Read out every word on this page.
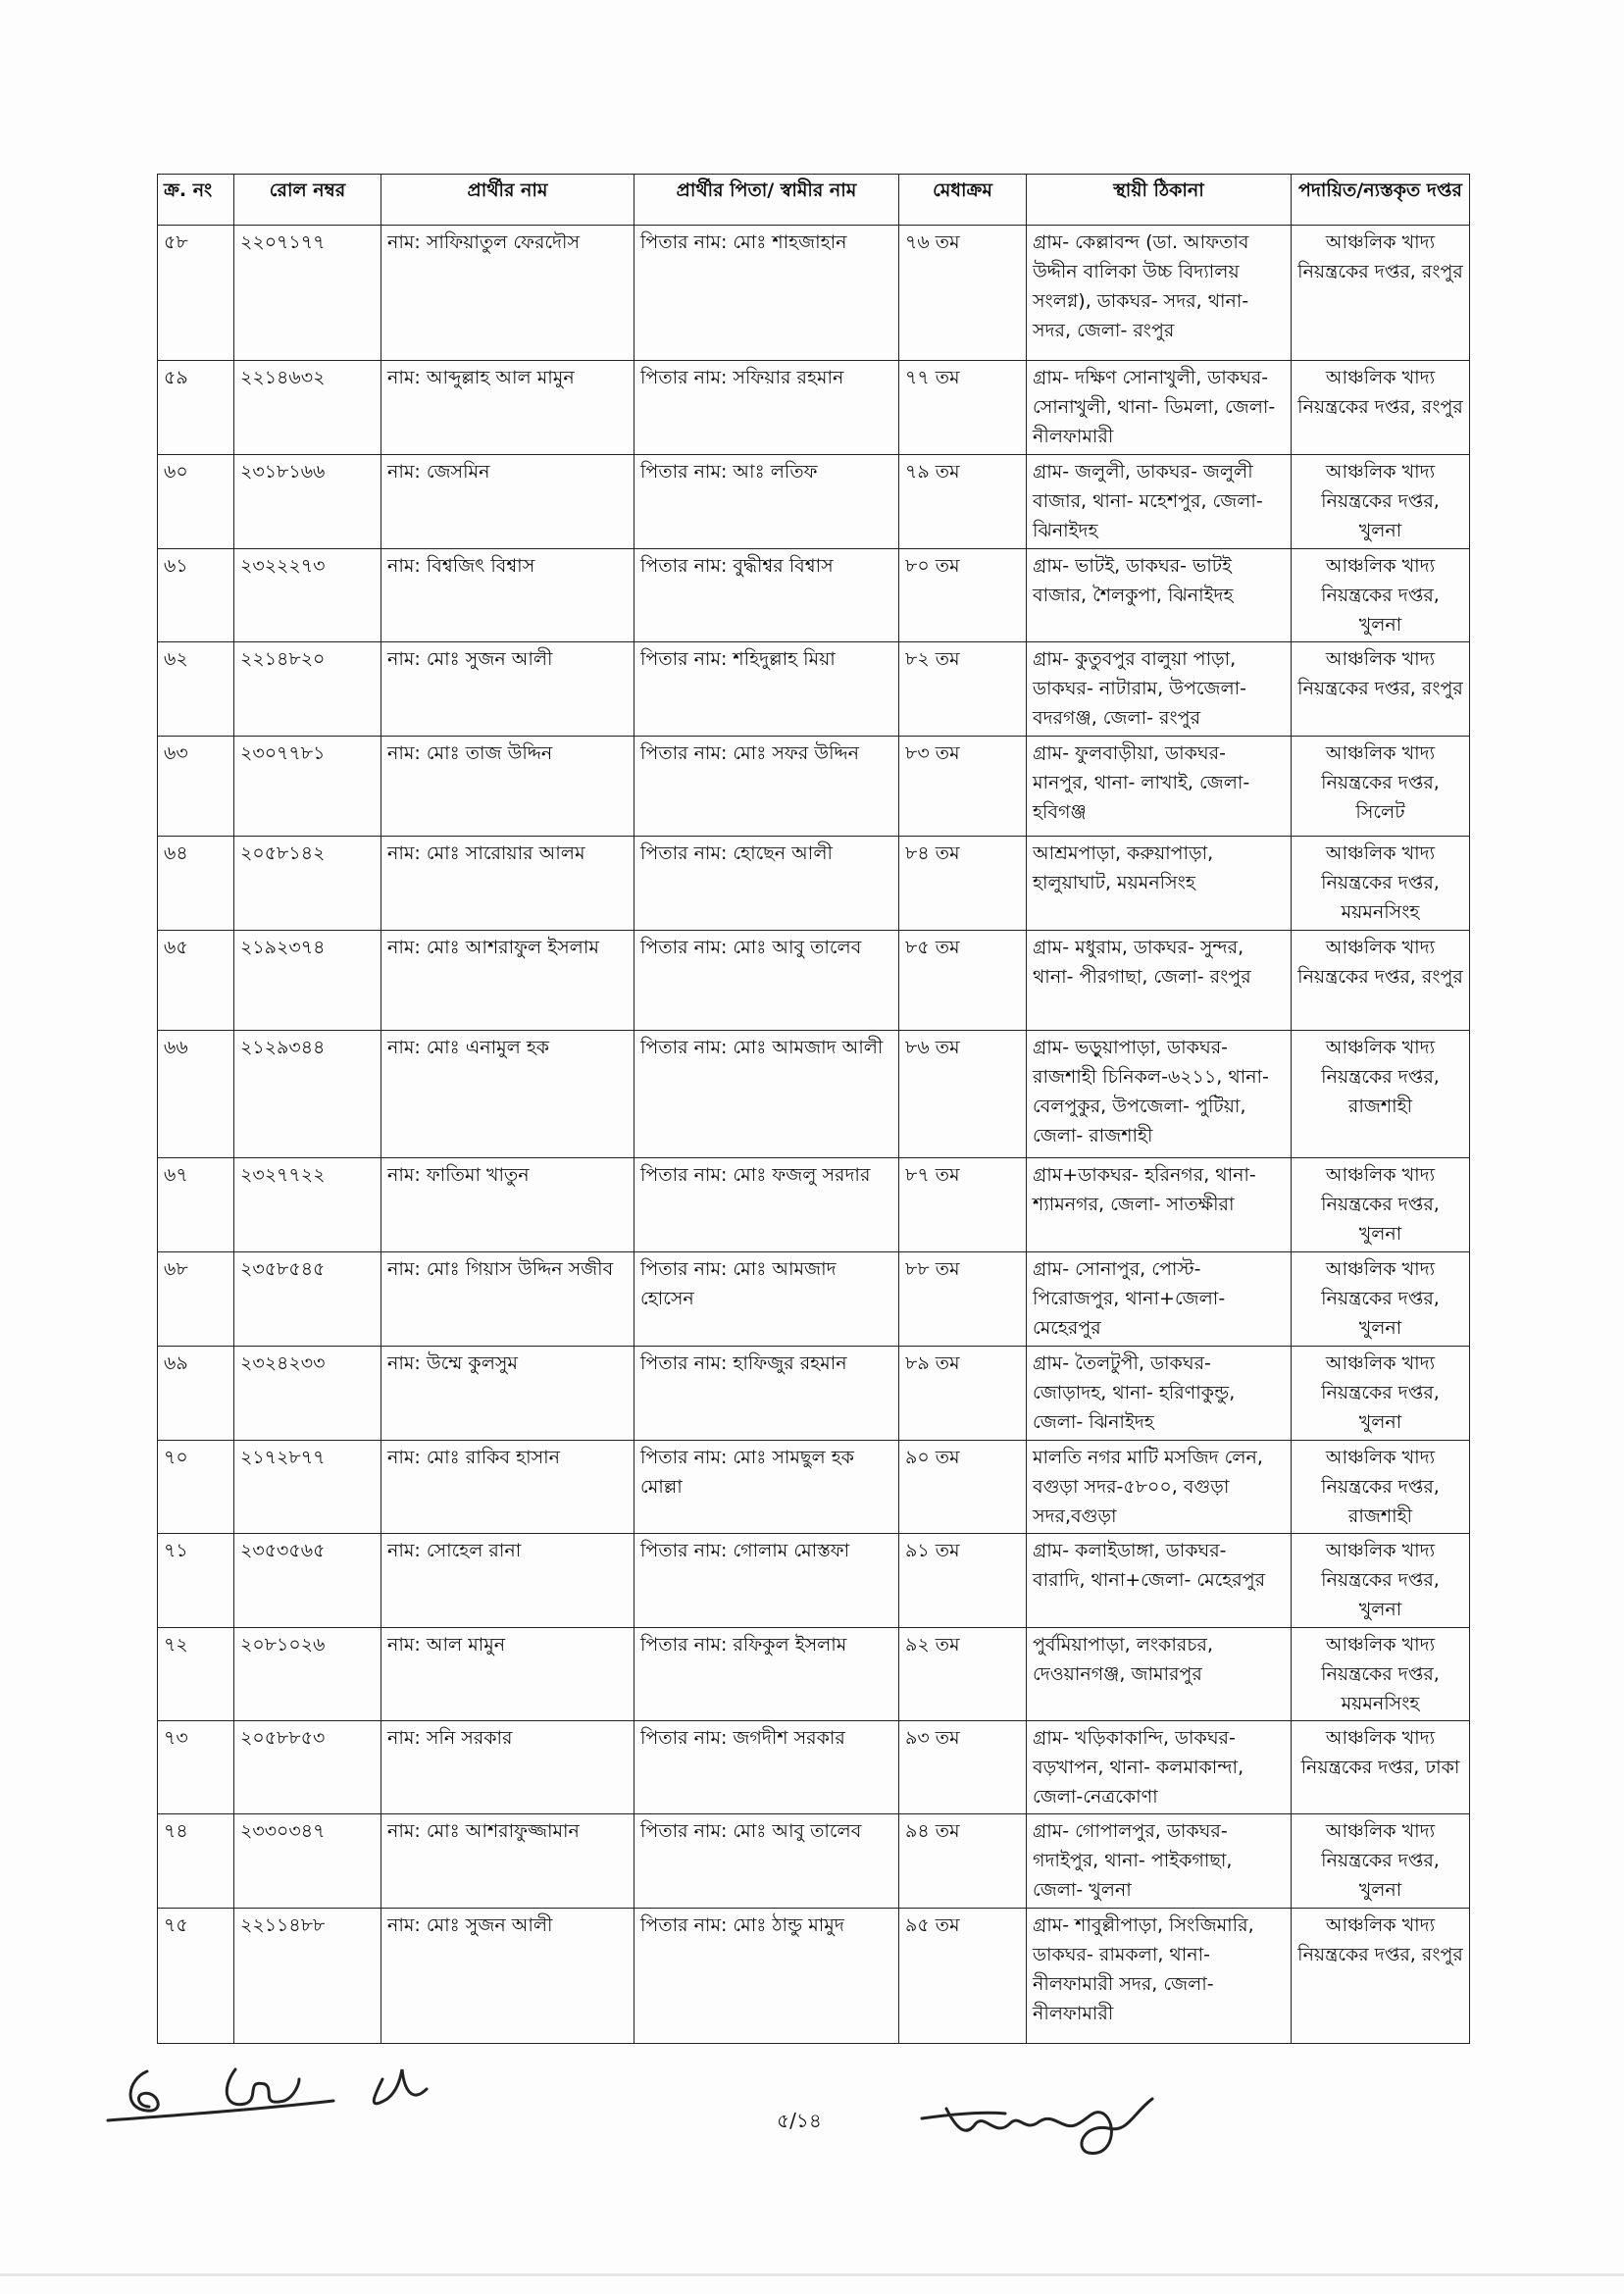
ক্র. নং	রোল নম্বর	প্রার্থীর নাম	প্রার্থীর পিতা/ স্বামীর নাম	মেধাক্রম	স্থায়ী ঠিকানা	পদায়িত/ন্যস্তকৃত দপ্তর
৫৮	২২০৭১৭৭	নাম: সাফিয়াতুল ফেরদৌস	পিতার নাম: মোঃ শাহজাহান	৭৬ তম	গ্রাম- কেল্লাবন্দ (ডা. আফতাব উদ্দীন বালিকা উচ্চ বিদ্যালয় সংলগ্ন), ডাকঘর- সদর, থানা- সদর, জেলা- রংপুর	আঞ্চলিক খাদ্য নিয়ন্ত্রকের দপ্তর, রংপুর
৫৯	২২১৪৬৩২	নাম: আব্দুল্লাহ আল মামুন	পিতার নাম: সফিয়ার রহমান	৭৭ তম	গ্রাম- দক্ষিণ সোনাখুলী, ডাকঘর- সোনাখুলী, থানা- ডিমলা, জেলা- নীলফামারী	আঞ্চলিক খাদ্য নিয়ন্ত্রকের দপ্তর, রংপুর
৬০	২৩১৮১৬৬	নাম: জেসমিন	পিতার নাম: আঃ লতিফ	৭৯ তম	গ্রাম- জলুলী, ডাকঘর- জলুলী বাজার, থানা- মহেশপুর, জেলা- ঝিনাইদহ	আঞ্চলিক খাদ্য নিয়ন্ত্রকের দপ্তর, খুলনা
৬১	২৩২২২৭৩	নাম: বিশ্বজিৎ বিশ্বাস	পিতার নাম: বুদ্ধীশ্বর বিশ্বাস	৮০ তম	গ্রাম- ভাটই, ডাকঘর- ভাটই বাজার, শৈলকুপা, ঝিনাইদহ	আঞ্চলিক খাদ্য নিয়ন্ত্রকের দপ্তর, খুলনা
৬২	২২১৪৮২০	নাম: মোঃ সুজন আলী	পিতার নাম: শহিদুল্লাহ মিয়া	৮২ তম	গ্রাম- কুতুবপুর বালুয়া পাড়া, ডাকঘর- নাটারাম, উপজেলা- বদরগঞ্জ, জেলা- রংপুর	আঞ্চলিক খাদ্য নিয়ন্ত্রকের দপ্তর, রংপুর
৬৩	২৩০৭৭৮১	নাম: মোঃ তাজ উদ্দিন	পিতার নাম: মোঃ সফর উদ্দিন	৮৩ তম	গ্রাম- ফুলবাড়ীয়া, ডাকঘর- মানপুর, থানা- লাখাই, জেলা- হবিগঞ্জ	আঞ্চলিক খাদ্য নিয়ন্ত্রকের দপ্তর, সিলেট
৬৪	২০৫৮১৪২	নাম: মোঃ সারোয়ার আলম	পিতার নাম: হোছেন আলী	৮৪ তম	আশ্রমপাড়া, করুয়াপাড়া, হালুয়াঘাট, ময়মনসিংহ	আঞ্চলিক খাদ্য নিয়ন্ত্রকের দপ্তর, ময়মনসিংহ
৬৫	২১৯২৩৭৪	নাম: মোঃ আশরাফুল ইসলাম	পিতার নাম: মোঃ আবু তালেব	৮৫ তম	গ্রাম- মধুরাম, ডাকঘর- সুন্দর, থানা- পীরগাছা, জেলা- রংপুর	আঞ্চলিক খাদ্য নিয়ন্ত্রকের দপ্তর, রংপুর
৬৬	২১২৯৩৪৪	নাম: মোঃ এনামুল হক	পিতার নাম: মোঃ আমজাদ আলী	৮৬ তম	গ্রাম- ভড়ুয়াপাড়া, ডাকঘর- রাজশাহী চিনিকল-৬২১১, থানা- বেলপুকুর, উপজেলা- পুটিয়া, জেলা- রাজশাহী	আঞ্চলিক খাদ্য নিয়ন্ত্রকের দপ্তর, রাজশাহী
৬৭	২৩২৭৭২২	নাম: ফাতিমা খাতুন	পিতার নাম: মোঃ ফজলু সরদার	৮৭ তম	গ্রাম+ডাকঘর- হরিনগর, থানা- শ্যামনগর, জেলা- সাতক্ষীরা	আঞ্চলিক খাদ্য নিয়ন্ত্রকের দপ্তর, খুলনা
৬৮	২৩৫৮৫৪৫	নাম: মোঃ গিয়াস উদ্দিন সজীব	পিতার নাম: মোঃ আমজাদ হোসেন	৮৮ তম	গ্রাম- সোনাপুর, পোস্ট- পিরোজপুর, থানা+জেলা- মেহেরপুর	আঞ্চলিক খাদ্য নিয়ন্ত্রকের দপ্তর, খুলনা
৬৯	২৩২৪২৩৩	নাম: উম্মে কুলসুম	পিতার নাম: হাফিজুর রহমান	৮৯ তম	গ্রাম- তৈলটুপী, ডাকঘর- জোড়াদহ, থানা- হরিণাকুন্ডু, জেলা- ঝিনাইদহ	আঞ্চলিক খাদ্য নিয়ন্ত্রকের দপ্তর, খুলনা
৭০	২১৭২৮৭৭	নাম: মোঃ রাকিব হাসান	পিতার নাম: মোঃ সামছুল হক মোল্লা	৯০ তম	মালতি নগর মাটি মসজিদ লেন, বগুড়া সদর-৫৮০০, বগুড়া সদর,বগুড়া	আঞ্চলিক খাদ্য নিয়ন্ত্রকের দপ্তর, রাজশাহী
৭১	২৩৫৩৫৬৫	নাম: সোহেল রানা	পিতার নাম: গোলাম মোস্তফা	৯১ তম	গ্রাম- কলাইডাঙ্গা, ডাকঘর- বারাদি, থানা+জেলা- মেহেরপুর	আঞ্চলিক খাদ্য নিয়ন্ত্রকের দপ্তর, খুলনা
৭২	২০৮১০২৬	নাম: আল মামুন	পিতার নাম: রফিকুল ইসলাম	৯২ তম	পুর্বমিয়াপাড়া, লংকারচর, দেওয়ানগঞ্জ, জামারপুর	আঞ্চলিক খাদ্য নিয়ন্ত্রকের দপ্তর, ময়মনসিংহ
৭৩	২০৫৮৮৫৩	নাম: সনি সরকার	পিতার নাম: জগদীশ সরকার	৯৩ তম	গ্রাম- খড়িকাকান্দি, ডাকঘর- বড়খাপন, থানা- কলমাকান্দা, জেলা-নেত্রকোণা	আঞ্চলিক খাদ্য নিয়ন্ত্রকের দপ্তর, ঢাকা
৭৪	২৩৩০৩৪৭	নাম: মোঃ আশরাফুজ্জামান	পিতার নাম: মোঃ আবু তালেব	৯৪ তম	গ্রাম- গোপালপুর, ডাকঘর- গদাইপুর, থানা- পাইকগাছা, জেলা- খুলনা	আঞ্চলিক খাদ্য নিয়ন্ত্রকের দপ্তর, খুলনা
৭৫	২২১১৪৮৮	নাম: মোঃ সুজন আলী	পিতার নাম: মোঃ ঠান্ডু মামুদ	৯৫ তম	গ্রাম- শাবুল্লীপাড়া, সিংজিমারি, ডাকঘর- রামকলা, থানা- নীলফামারী সদর, জেলা- নীলফামারী	আঞ্চলিক খাদ্য নিয়ন্ত্রকের দপ্তর, রংপুর
৫/১৪
